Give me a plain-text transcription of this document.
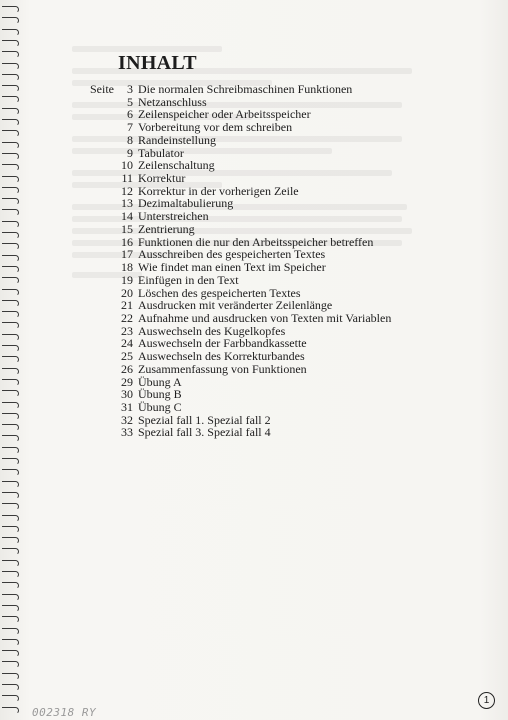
INHALT
Seite	3 Die normalen Schreibmaschinen Funktionen
5 Netzanschluss
6 Zeilenspeicher oder Arbeitsspeicher
7 Vorbereitung vor dem schreiben
8 Randeinstellung
9 Tabulator
10 Zeilenschaltung
11 Korrektur
12 Korrektur in der vorherigen Zeile
13 Dezimaltabulierung
14 Unterstreichen
15 Zentrierung
16 Funktionen die nur den Arbeitsspeicher betreffen
17 Ausschreiben des gespeicherten Textes
18 Wie findet man einen Text im Speicher
19 Einfügen in den Text
20 Löschen des gespeicherten Textes
21 Ausdrucken mit veränderter Zeilenlänge
22 Aufnahme und ausdrucken von Texten mit Variablen
23 Auswechseln des Kugelkopfes
24 Auswechseln der Farbbandkassette
25 Auswechseln des Korrekturbandes
26 Zusammenfassung von Funktionen
29 Übung A
30 Übung B
31 Übung C
32 Spezial fall 1. Spezial fall 2
33 Spezial fall 3. Spezial fall 4
1
002318 RY
